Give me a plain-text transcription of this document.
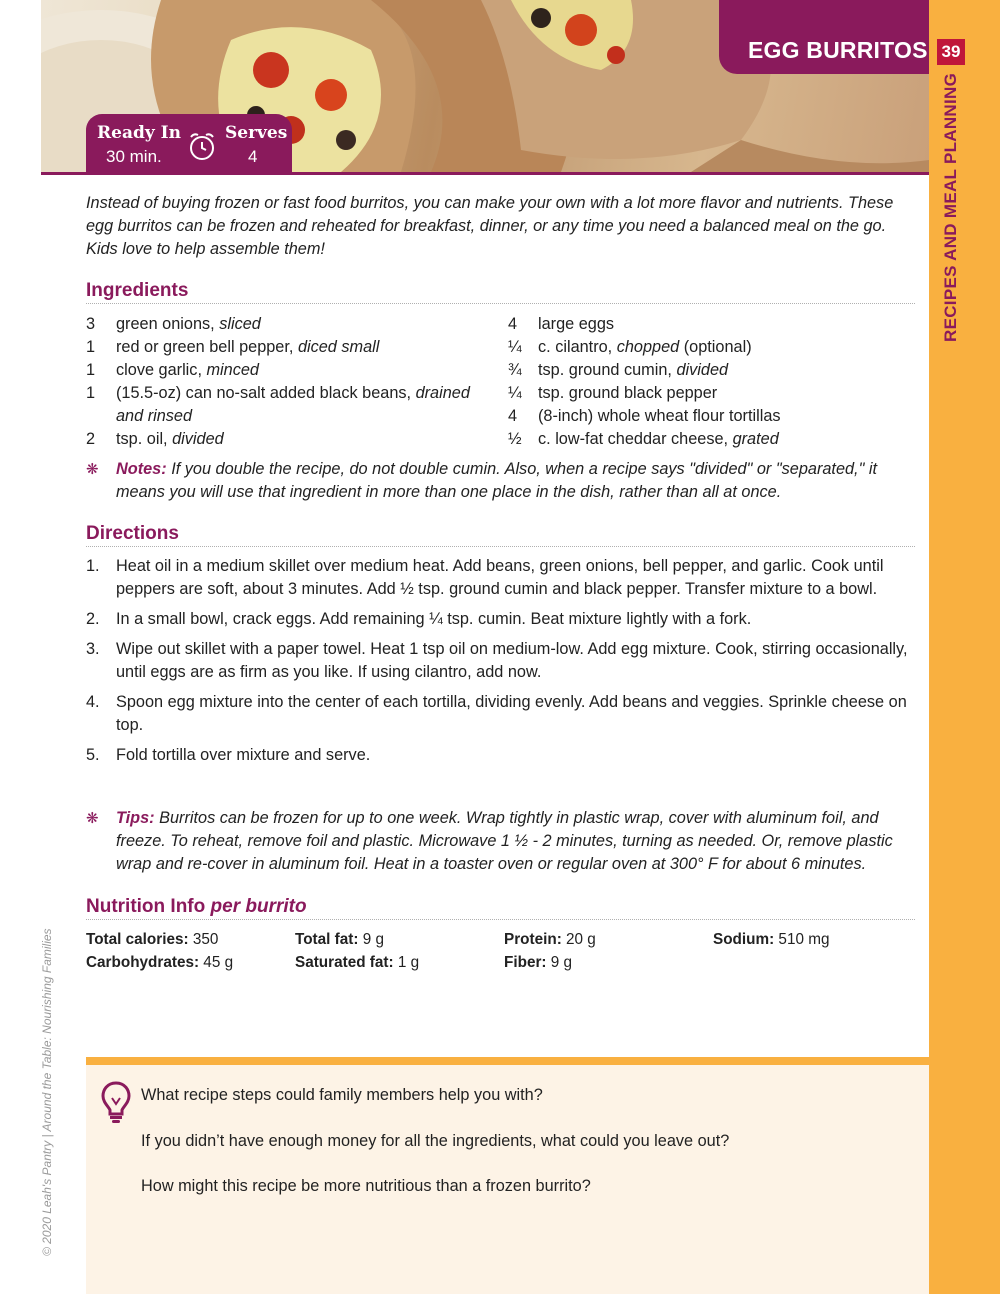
39
RECIPES AND MEAL PLANNING
© 2020 Leah's Pantry | Around the Table: Nourishing Families
EGG BURRITOS
Ready In
30 min.
Serves
4
Instead of buying frozen or fast food burritos, you can make your own with a lot more flavor and nutrients. These egg burritos can be frozen and reheated for breakfast, dinner, or any time you need a balanced meal on the go. Kids love to help assemble them!
Ingredients
3	green onions, sliced
1	red or green bell pepper, diced small
1	clove garlic, minced
1	(15.5-oz) can no-salt added black beans, drained and rinsed
2	tsp. oil, divided
4	large eggs
¼	c. cilantro, chopped (optional)
¾	tsp. ground cumin, divided
¼	tsp. ground black pepper
4	(8-inch) whole wheat flour tortillas
½	c. low-fat cheddar cheese, grated
❋	Notes: If you double the recipe, do not double cumin. Also, when a recipe says "divided" or "separated," it means you will use that ingredient in more than one place in the dish, rather than all at once.
Directions
1.	Heat oil in a medium skillet over medium heat. Add beans, green onions, bell pepper, and garlic. Cook until peppers are soft, about 3 minutes. Add ½ tsp. ground cumin and black pepper. Transfer mixture to a bowl.
2.	In a small bowl, crack eggs. Add remaining ¼ tsp. cumin. Beat mixture lightly with a fork.
3.	Wipe out skillet with a paper towel. Heat 1 tsp oil on medium-low. Add egg mixture. Cook, stirring occasionally, until eggs are as firm as you like. If using cilantro, add now.
4.	Spoon egg mixture into the center of each tortilla, dividing evenly. Add beans and veggies. Sprinkle cheese on top.
5.	Fold tortilla over mixture and serve.
❋	Tips: Burritos can be frozen for up to one week. Wrap tightly in plastic wrap, cover with aluminum foil, and freeze. To reheat, remove foil and plastic. Microwave 1 ½ - 2 minutes, turning as needed. Or, remove plastic wrap and re-cover in aluminum foil. Heat in a toaster oven or regular oven at 300° F for about 6 minutes.
Nutrition Info per burrito
Total calories: 350	Total fat: 9 g	Protein: 20 g	Sodium: 510 mg
Carbohydrates: 45 g	Saturated fat: 1 g	Fiber: 9 g
What recipe steps could family members help you with?
If you didn’t have enough money for all the ingredients, what could you leave out?
How might this recipe be more nutritious than a frozen burrito?
